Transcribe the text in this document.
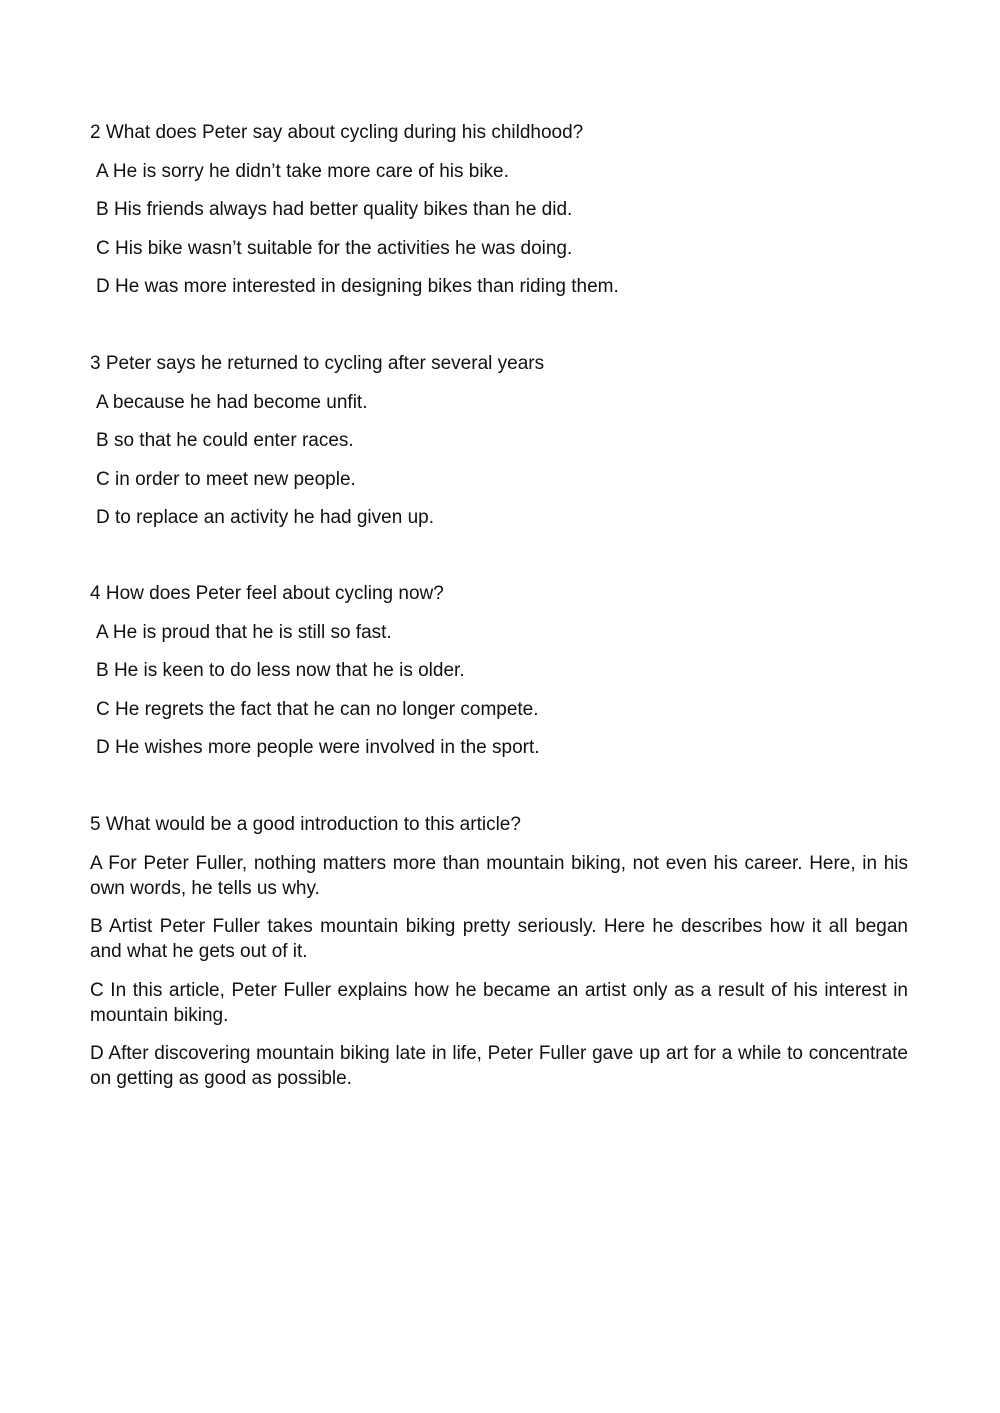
2 What does Peter say about cycling during his childhood?

A He is sorry he didn’t take more care of his bike.

B His friends always had better quality bikes than he did.

C His bike wasn’t suitable for the activities he was doing.

D He was more interested in designing bikes than riding them.

3 Peter says he returned to cycling after several years

A because he had become unfit.

B so that he could enter races.

C in order to meet new people.

D to replace an activity he had given up.

4 How does Peter feel about cycling now?

A He is proud that he is still so fast.

B He is keen to do less now that he is older.

C He regrets the fact that he can no longer compete.

D He wishes more people were involved in the sport.

5 What would be a good introduction to this article?

A For Peter Fuller, nothing matters more than mountain biking, not even his career. Here, in his own words, he tells us why.

B Artist Peter Fuller takes mountain biking pretty seriously. Here he describes how it all began and what he gets out of it.

C In this article, Peter Fuller explains how he became an artist only as a result of his interest in mountain biking.

D After discovering mountain biking late in life, Peter Fuller gave up art for a while to concentrate on getting as good as possible.
